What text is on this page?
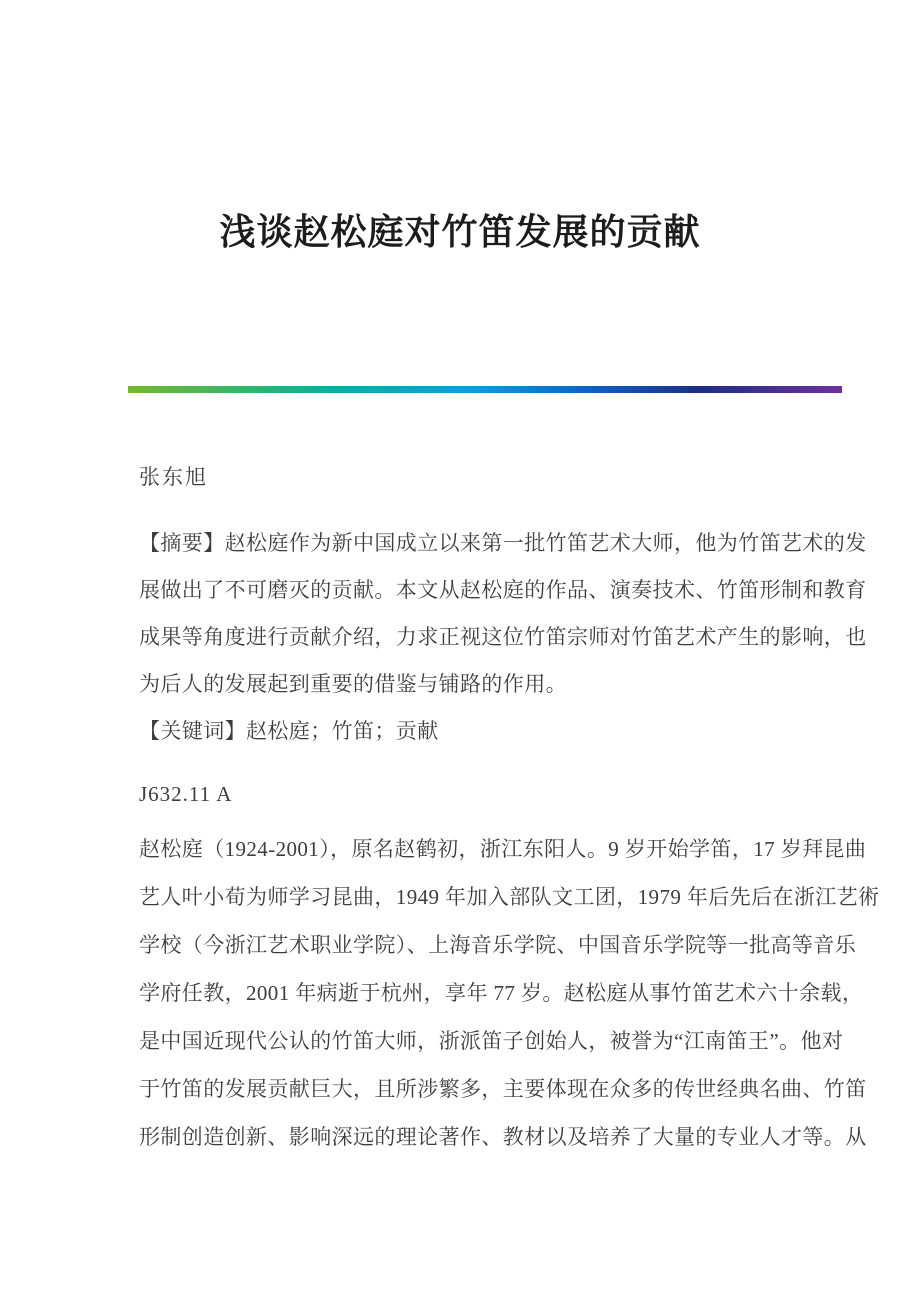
浅谈赵松庭对竹笛发展的贡献
张东旭
【摘要】赵松庭作为新中国成立以来第一批竹笛艺术大师，他为竹笛艺术的发
展做出了不可磨灭的贡献。本文从赵松庭的作品、演奏技术、竹笛形制和教育
成果等角度进行贡献介绍，力求正视这位竹笛宗师对竹笛艺术产生的影响，也
为后人的发展起到重要的借鉴与铺路的作用。
【关键词】赵松庭；竹笛；贡献
J632.11 A
赵松庭（1924-2001），原名赵鹤初，浙江东阳人。9 岁开始学笛，17 岁拜昆曲
艺人叶小荀为师学习昆曲，1949 年加入部队文工团，1979 年后先后在浙江艺術
学校（今浙江艺术职业学院）、上海音乐学院、中国音乐学院等一批高等音乐
学府任教，2001 年病逝于杭州，享年 77 岁。赵松庭从事竹笛艺术六十余载，
是中国近现代公认的竹笛大师，浙派笛子创始人，被誉为“江南笛王”。他对
于竹笛的发展贡献巨大，且所涉繁多，主要体现在众多的传世经典名曲、竹笛
形制创造创新、影响深远的理论著作、教材以及培养了大量的专业人才等。从
